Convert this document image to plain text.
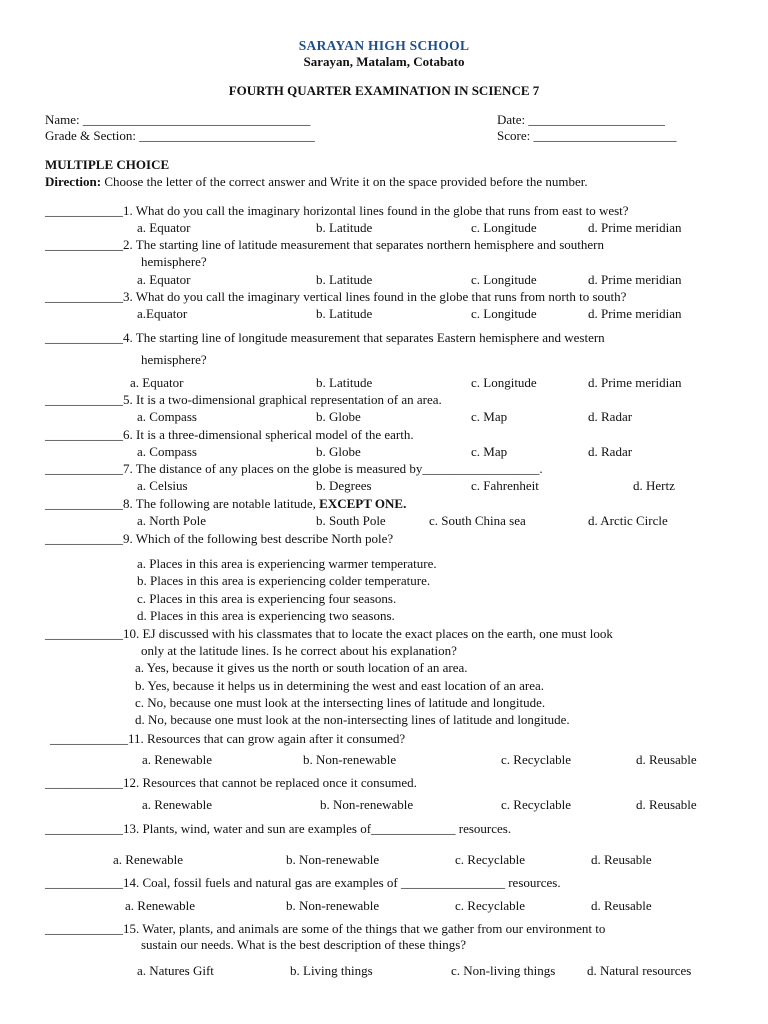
SARAYAN HIGH SCHOOL
Sarayan, Matalam, Cotabato
FOURTH QUARTER EXAMINATION IN SCIENCE 7
Name: ___________________________________	Date: _____________________
Grade & Section: ___________________________	Score: ______________________
MULTIPLE CHOICE
Direction: Choose the letter of the correct answer and Write it on the space provided before the number.
____________1. What do you call the imaginary horizontal lines found in the globe that runs from east to west?
a. Equator	b. Latitude	c. Longitude	d. Prime meridian
____________2. The starting line of latitude measurement that separates northern hemisphere and southern
hemisphere?
a. Equator	b. Latitude	c. Longitude	d. Prime meridian
____________3. What do you call the imaginary vertical lines found in the globe that runs from north to south?
a.Equator	b. Latitude	c. Longitude	d. Prime meridian
____________4. The starting line of longitude measurement that separates Eastern hemisphere and western
hemisphere?
a. Equator	b. Latitude	c. Longitude	d. Prime meridian
____________5. It is a two-dimensional graphical representation of an area.
a. Compass	b. Globe	c. Map	d. Radar
____________6. It is a three-dimensional spherical model of the earth.
a. Compass	b. Globe	c. Map	d. Radar
____________7. The distance of any places on the globe is measured by__________________.
a. Celsius	b. Degrees	c. Fahrenheit	d. Hertz
____________8. The following are notable latitude, EXCEPT ONE.
a. North Pole	b. South Pole	c. South China sea	d. Arctic Circle
____________9. Which of the following best describe North pole?
a. Places in this area is experiencing warmer temperature.
b. Places in this area is experiencing colder temperature.
c. Places in this area is experiencing four seasons.
d. Places in this area is experiencing two seasons.
____________10. EJ discussed with his classmates that to locate the exact places on the earth, one must look
only at the latitude lines. Is he correct about his explanation?
a. Yes, because it gives us the north or south location of an area.
b. Yes, because it helps us in determining the west and east location of an area.
c. No, because one must look at the intersecting lines of latitude and longitude.
d. No, because one must look at the non-intersecting lines of latitude and longitude.
____________11. Resources that can grow again after it consumed?
a. Renewable	b. Non-renewable	c. Recyclable	d. Reusable
____________12. Resources that cannot be replaced once it consumed.
a. Renewable	b. Non-renewable	c. Recyclable	d. Reusable
____________13. Plants, wind, water and sun are examples of_____________ resources.
a. Renewable	b. Non-renewable	c. Recyclable	d. Reusable
____________14. Coal, fossil fuels and natural gas are examples of ________________ resources.
a. Renewable	b. Non-renewable	c. Recyclable	d. Reusable
____________15. Water, plants, and animals are some of the things that we gather from our environment to
sustain our needs. What is the best description of these things?
a. Natures Gift	b. Living things	c. Non-living things d. Natural resources
